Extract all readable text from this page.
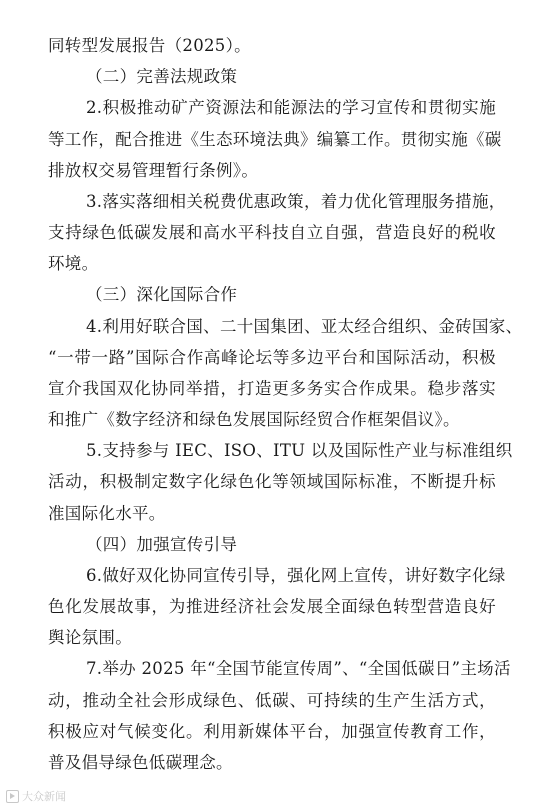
同转型发展报告（2025）。
（二）完善法规政策
2.积极推动矿产资源法和能源法的学习宣传和贯彻实施
等工作，配合推进《生态环境法典》编纂工作。贯彻实施《碳
排放权交易管理暂行条例》。
3.落实落细相关税费优惠政策，着力优化管理服务措施，
支持绿色低碳发展和高水平科技自立自强，营造良好的税收
环境。
（三）深化国际合作
4.利用好联合国、二十国集团、亚太经合组织、金砖国家、
“一带一路”国际合作高峰论坛等多边平台和国际活动，积极
宣介我国双化协同举措，打造更多务实合作成果。稳步落实
和推广《数字经济和绿色发展国际经贸合作框架倡议》。
5.支持参与 IEC、ISO、ITU 以及国际性产业与标准组织
活动，积极制定数字化绿色化等领域国际标准，不断提升标
准国际化水平。
（四）加强宣传引导
6.做好双化协同宣传引导，强化网上宣传，讲好数字化绿
色化发展故事，为推进经济社会发展全面绿色转型营造良好
舆论氛围。
7.举办 2025 年“全国节能宣传周”、“全国低碳日”主场活
动，推动全社会形成绿色、低碳、可持续的生产生活方式，
积极应对气候变化。利用新媒体平台，加强宣传教育工作，
普及倡导绿色低碳理念。
大众新闻
